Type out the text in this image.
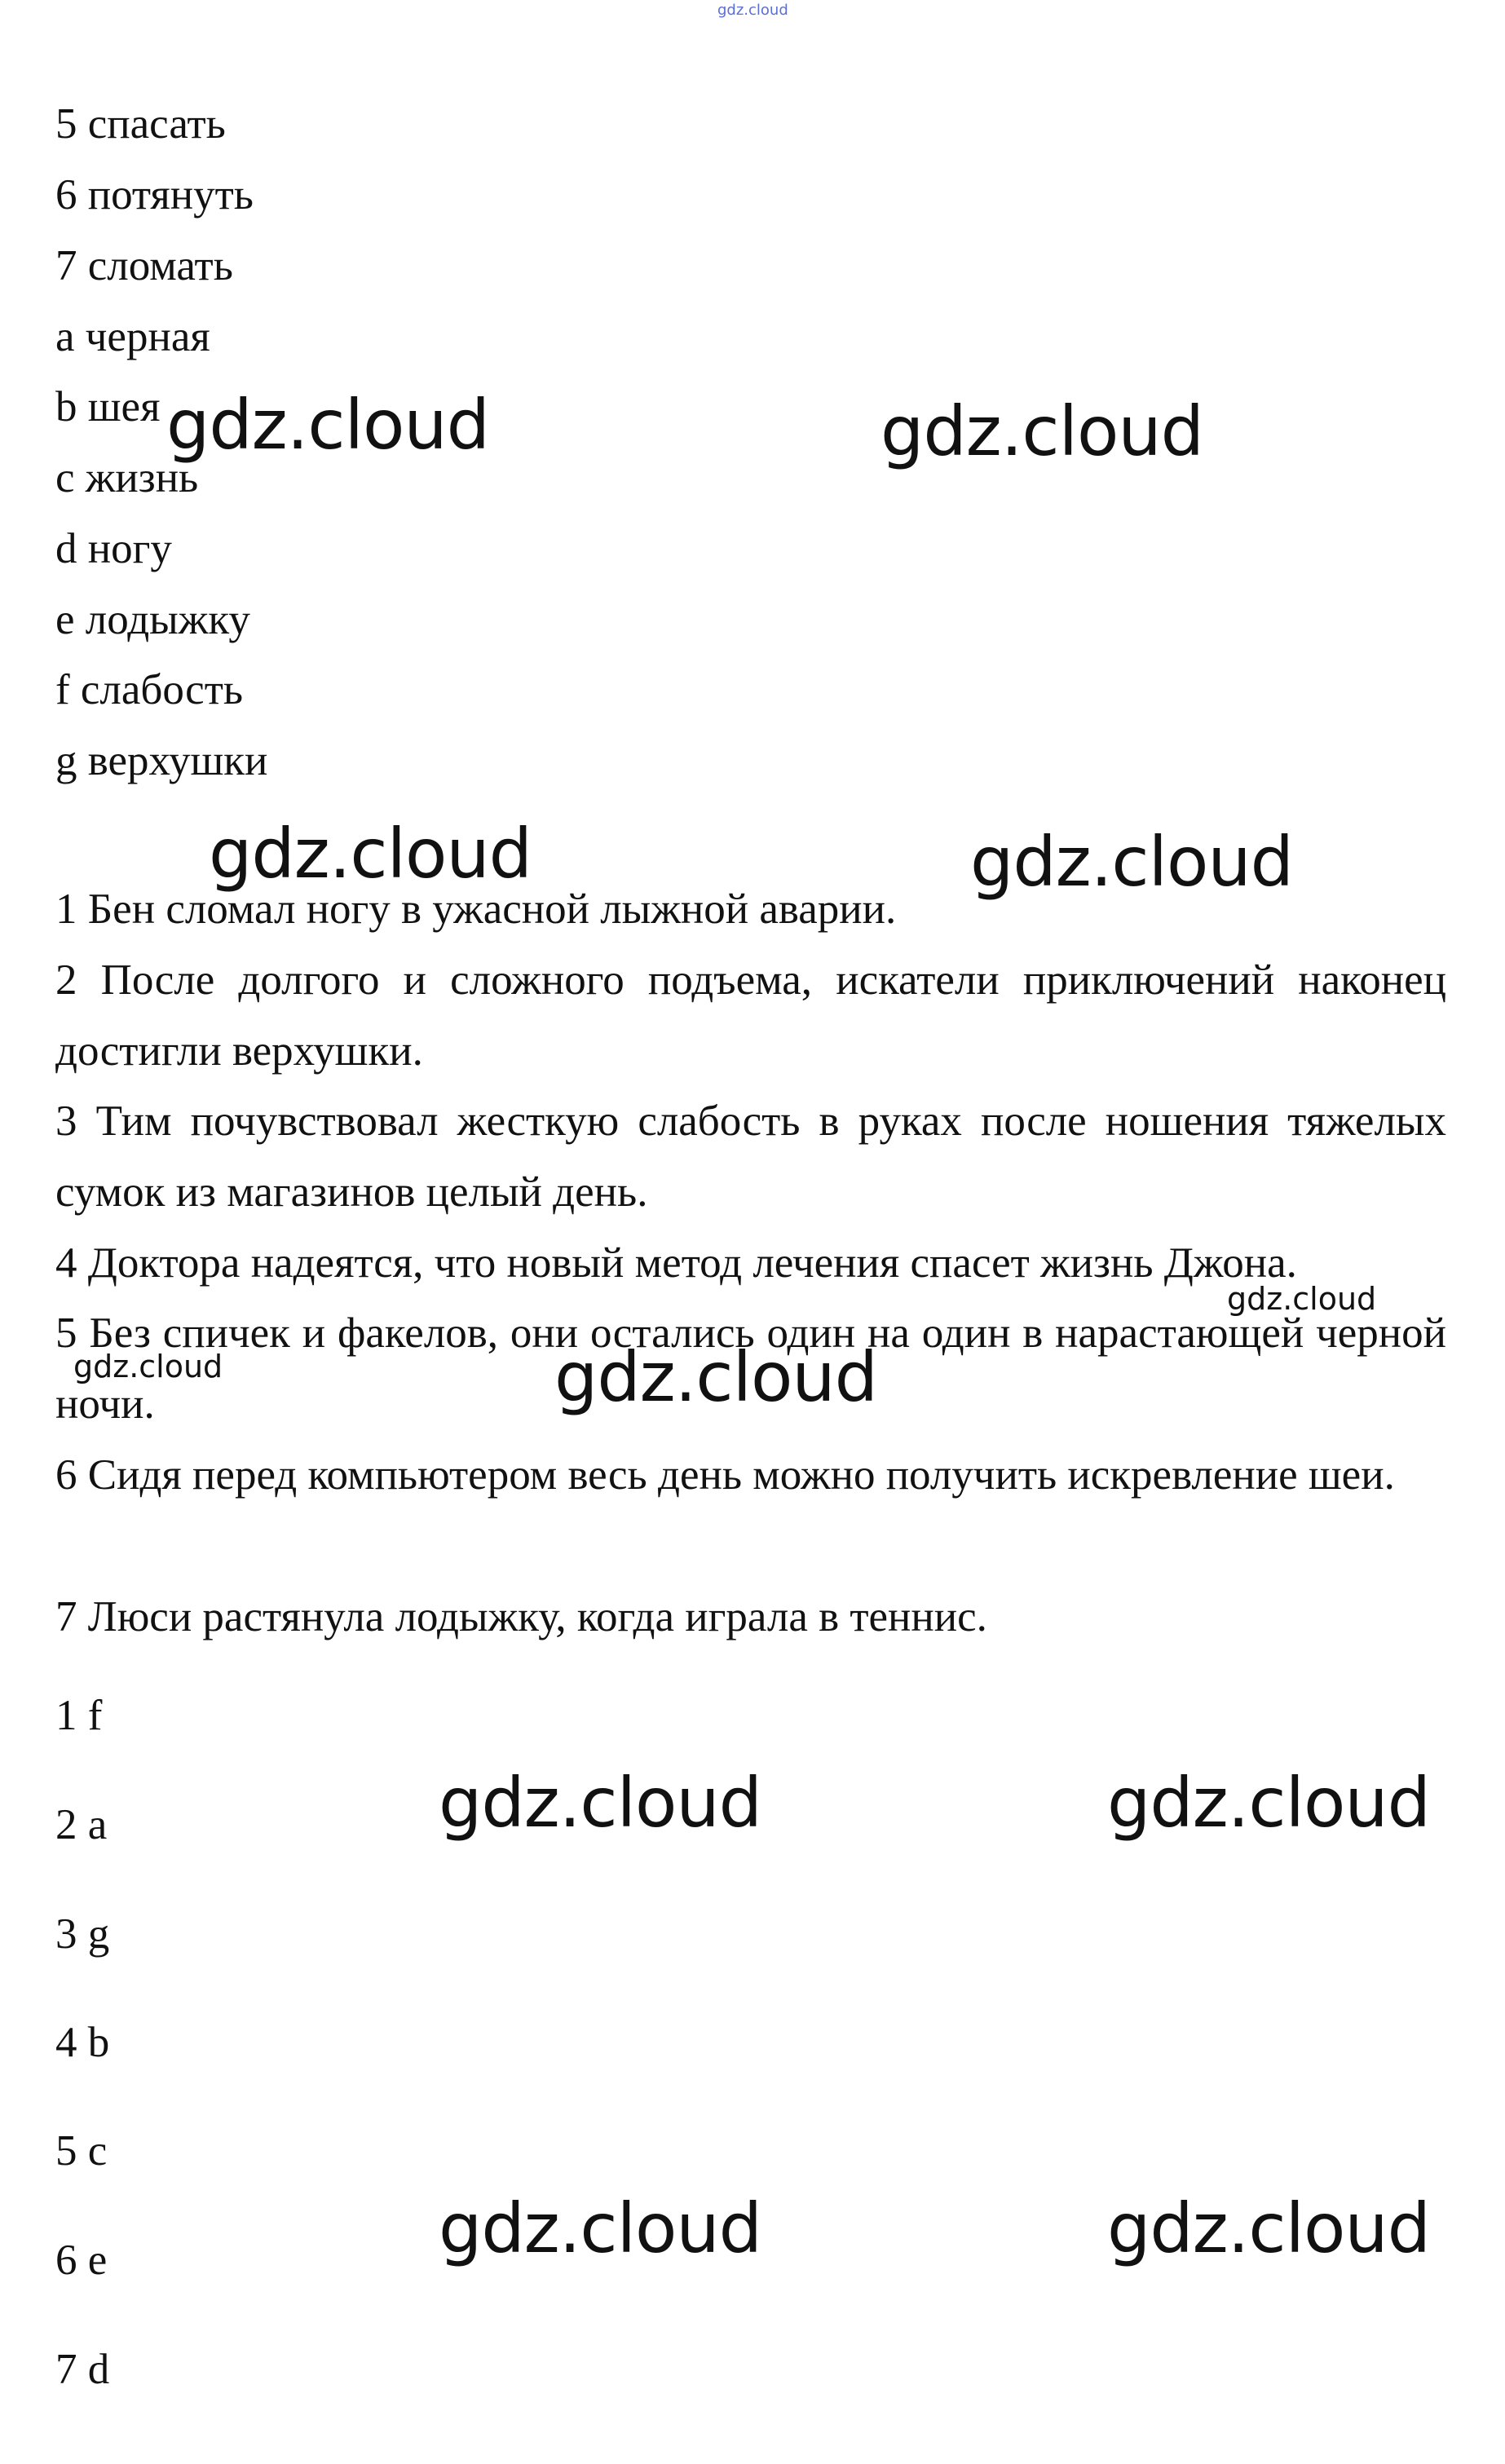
gdz.cloud
5 спасать
6 потянуть
7 сломать
a черная
b шея
c жизнь
d ногу
e лодыжку
f слабость
g верхушки
1 Бен сломал ногу в ужасной лыжной аварии.
2 После долгого и сложного подъема, искатели приключений наконец достигли верхушки.
3 Тим почувствовал жесткую слабость в руках после ношения тяжелых сумок из магазинов целый день.
4 Доктора надеятся, что новый метод лечения спасет жизнь Джона.
5 Без спичек и факелов, они остались один на один в нарастающей черной ночи.
6 Сидя перед компьютером весь день можно получить искревление шеи.
7 Люси растянула лодыжку, когда играла в теннис.
1 f
2 a
3 g
4 b
5 c
6 e
7 d
gdz.cloud	gdz.cloud
gdz.cloud	gdz.cloud
gdz.cloud
gdz.cloud	gdz.cloud
gdz.cloud	gdz.cloud
gdz.cloud	gdz.cloud
